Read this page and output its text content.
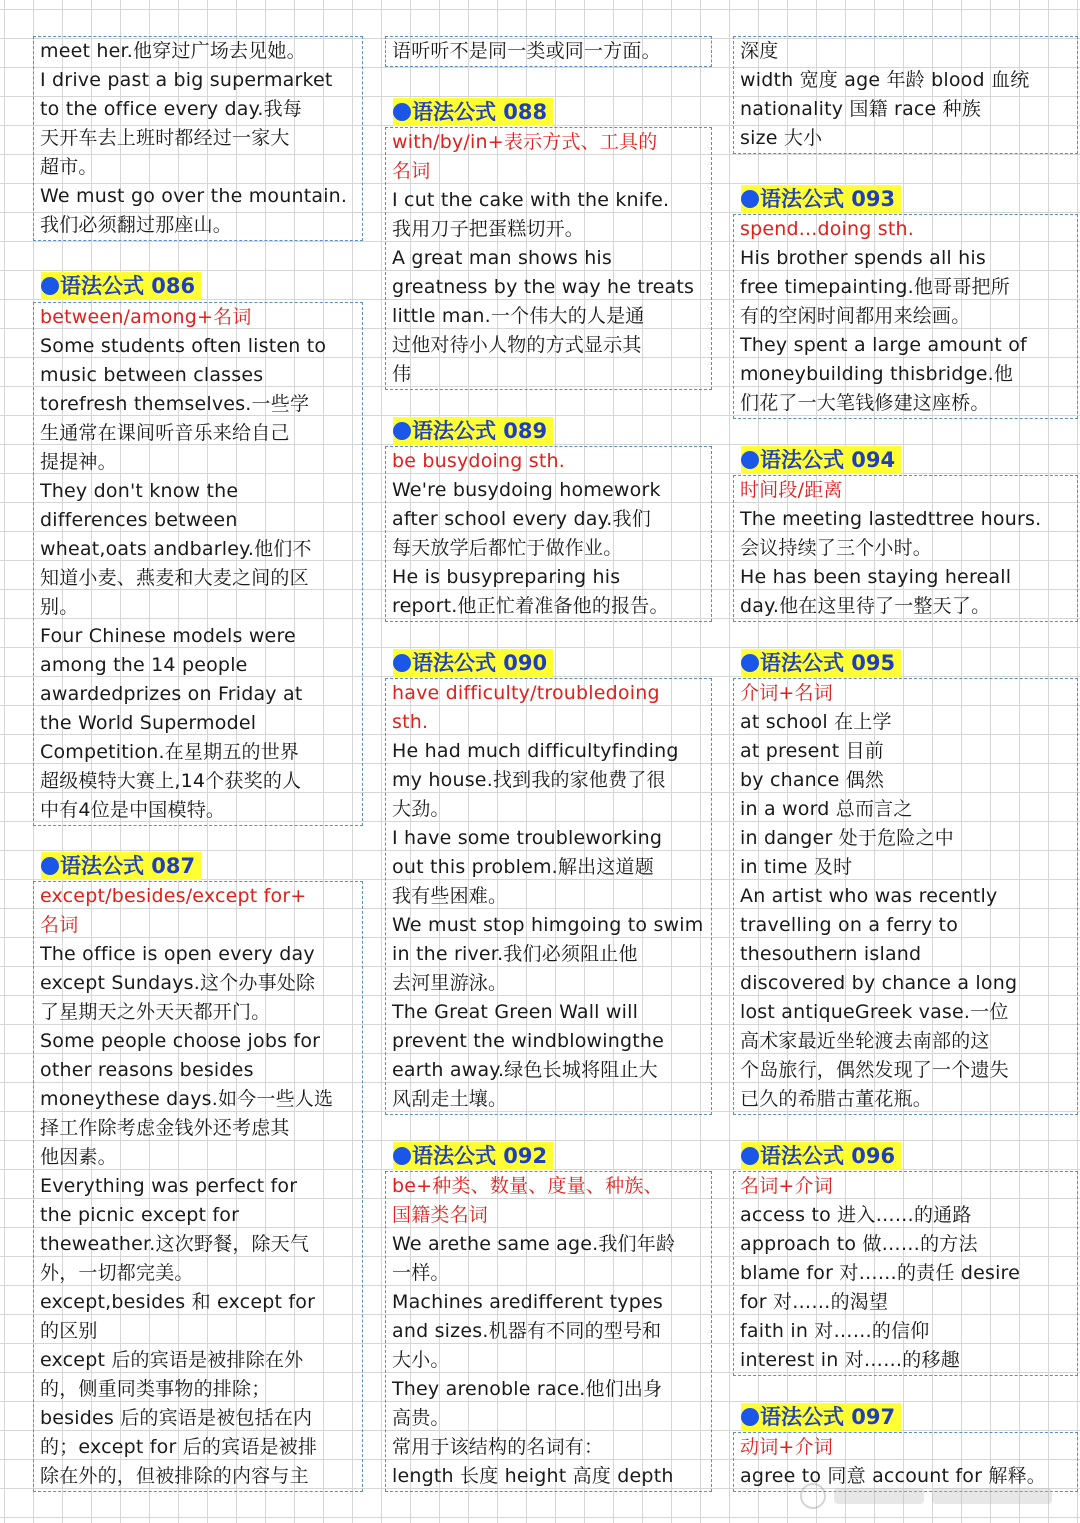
meet her.他穿过广场去见她。
I drive past a big supermarket
to the office every day.我每
天开车去上班时都经过一家大
超市。
We must go over the mountain.
我们必须翻过那座山。
语法公式 086
between/among+名词
Some students often listen to
music between classes
torefresh themselves.一些学
生通常在课间听音乐来给自己
提提神。
They don't know the
differences between
wheat,oats andbarley.他们不
知道小麦、燕麦和大麦之间的区
别。
Four Chinese models were
among the 14 people
awardedprizes on Friday at
the World Supermodel
Competition.在星期五的世界
超级模特大赛上,14个获奖的人
中有4位是中国模特。
语法公式 087
except/besides/except for+
名词
The office is open every day
except Sundays.这个办事处除
了星期天之外天天都开门。
Some people choose jobs for
other reasons besides
moneythese days.如今一些人选
择工作除考虑金钱外还考虑其
他因素。
Everything was perfect for
the picnic except for
theweather.这次野餐，除天气
外，一切都完美。
except,besides 和 except for
的区别
except 后的宾语是被排除在外
的，侧重同类事物的排除；
besides 后的宾语是被包括在内
的；except for 后的宾语是被排
除在外的，但被排除的内容与主
语听听不是同一类或同一方面。
语法公式 088
with/by/in+表示方式、工具的
名词
I cut the cake with the knife.
我用刀子把蛋糕切开。
A great man shows his
greatness by the way he treats
little man.一个伟大的人是通
过他对待小人物的方式显示其
伟
语法公式 089
be busydoing sth.
We're busydoing homework
after school every day.我们
每天放学后都忙于做作业。
He is busypreparing his
report.他正忙着准备他的报告。
语法公式 090
have difficulty/troubledoing
sth.
He had much difficultyfinding
my house.找到我的家他费了很
大劲。
I have some troubleworking
out this problem.解出这道题
我有些困难。
We must stop himgoing to swim
in the river.我们必须阻止他
去河里游泳。
The Great Green Wall will
prevent the windblowingthe
earth away.绿色长城将阻止大
风刮走土壤。
语法公式 092
be+种类、数量、度量、种族、
国籍类名词
We arethe same age.我们年龄
一样。
Machines aredifferent types
and sizes.机器有不同的型号和
大小。
They arenoble race.他们出身
高贵。
常用于该结构的名词有：
length 长度 height 高度 depth
深度
width 宽度 age 年龄 blood 血统
nationality 国籍 race 种族
size 大小
语法公式 093
spend...doing sth.
His brother spends all his
free timepainting.他哥哥把所
有的空闲时间都用来绘画。
They spent a large amount of
moneybuilding thisbridge.他
们花了一大笔钱修建这座桥。
语法公式 094
时间段/距离
The meeting lastedttree hours.
会议持续了三个小时。
He has been staying hereall
day.他在这里待了一整天了。
语法公式 095
介词+名词
at school 在上学
at present 目前
by chance 偶然
in a word 总而言之
in danger 处于危险之中
in time 及时
An artist who was recently
travelling on a ferry to
thesouthern island
discovered by chance a long
lost antiqueGreek vase.一位
高术家最近坐轮渡去南部的这
个岛旅行，偶然发现了一个遗失
已久的希腊古董花瓶。
语法公式 096
名词+介词
access to 进入……的通路
approach to 做……的方法
blame for 对……的责任 desire
for 对……的渴望
faith in 对……的信仰
interest in 对……的移趣
语法公式 097
动词+介词
agree to 同意 account for 解释。
